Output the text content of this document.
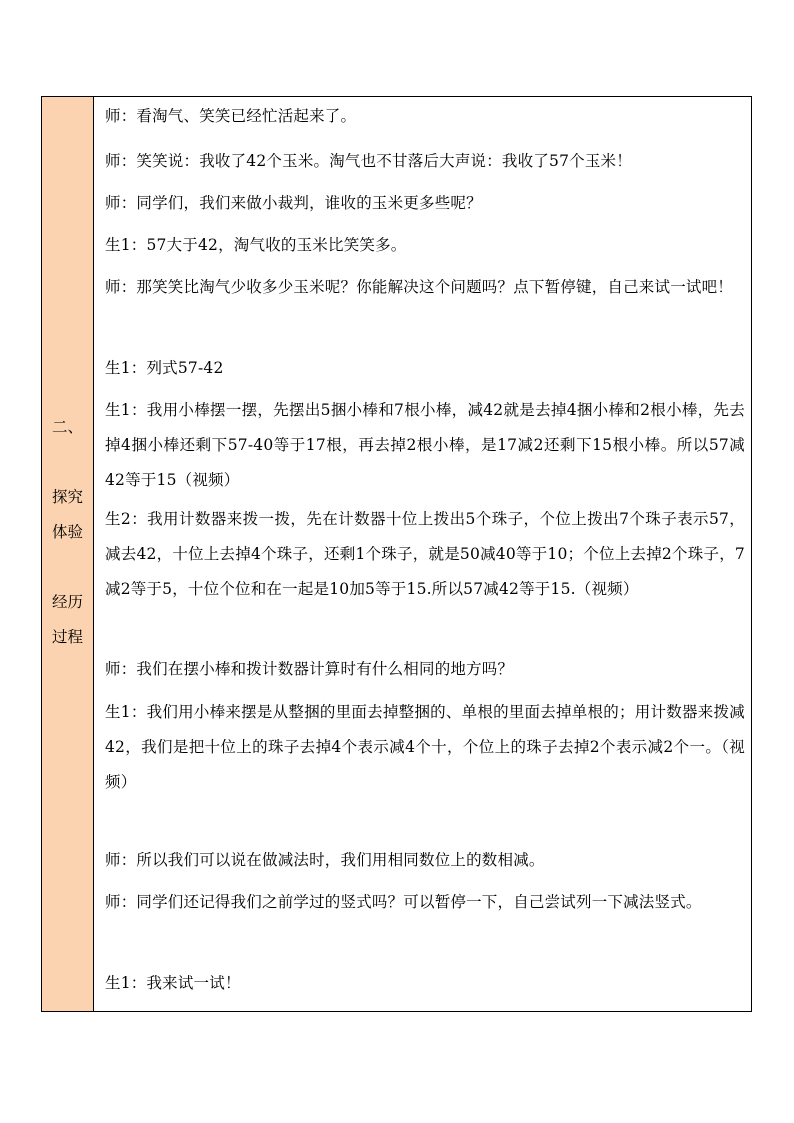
二、
探究
体验
经历
过程

师：看淘气、笑笑已经忙活起来了。

师：笑笑说：我收了42个玉米。淘气也不甘落后大声说：我收了57个玉米！

师：同学们，我们来做小裁判，谁收的玉米更多些呢？

生1：57大于42，淘气收的玉米比笑笑多。

师：那笑笑比淘气少收多少玉米呢？你能解决这个问题吗？点下暂停键，自己来试一试吧！

生1：列式57-42

生1：我用小棒摆一摆，先摆出5捆小棒和7根小棒，减42就是去掉4捆小棒和2根小棒，先去掉4捆小棒还剩下57-40等于17根，再去掉2根小棒，是17减2还剩下15根小棒。所以57减42等于15（视频）

生2：我用计数器来拨一拨，先在计数器十位上拨出5个珠子，个位上拨出7个珠子表示57，减去42，十位上去掉4个珠子，还剩1个珠子，就是50减40等于10；个位上去掉2个珠子，7减2等于5，十位个位和在一起是10加5等于15.所以57减42等于15.（视频）

师：我们在摆小棒和拨计数器计算时有什么相同的地方吗？

生1：我们用小棒来摆是从整捆的里面去掉整捆的、单根的里面去掉单根的；用计数器来拨减42，我们是把十位上的珠子去掉4个表示减4个十，个位上的珠子去掉2个表示减2个一。（视频）

师：所以我们可以说在做减法时，我们用相同数位上的数相减。

师：同学们还记得我们之前学过的竖式吗？可以暂停一下，自己尝试列一下减法竖式。

生1：我来试一试！
